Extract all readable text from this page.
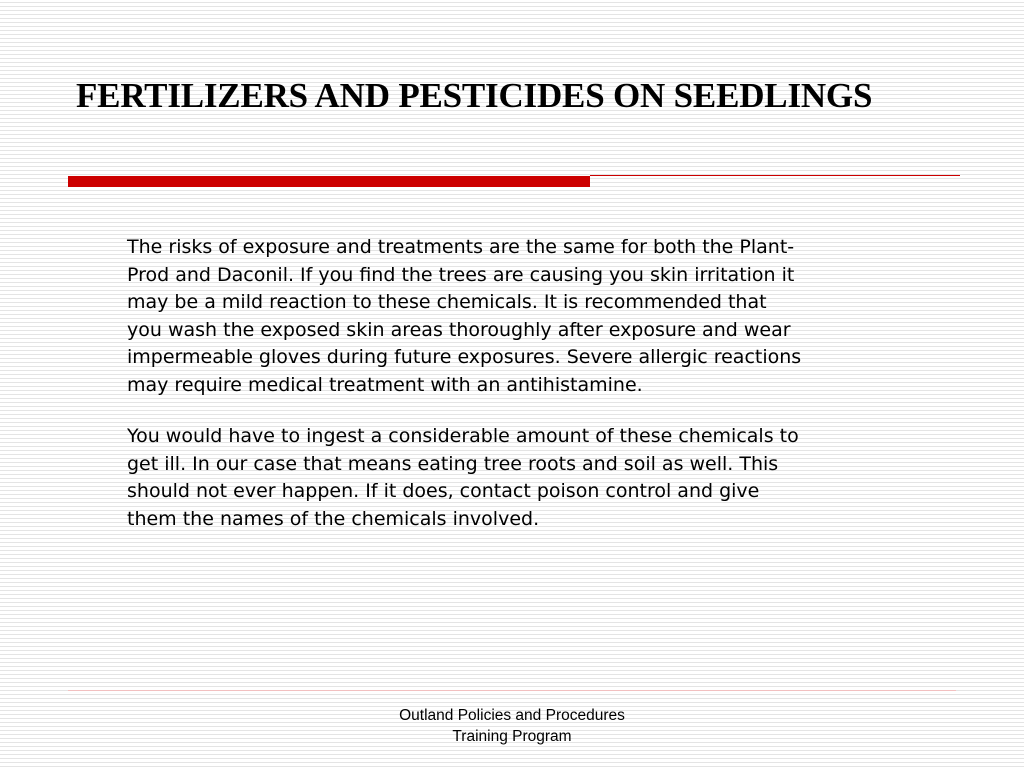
FERTILIZERS AND PESTICIDES ON SEEDLINGS

The risks of exposure and treatments are the same for both the Plant-
Prod and Daconil. If you find the trees are causing you skin irritation it
may be a mild reaction to these chemicals. It is recommended that
you wash the exposed skin areas thoroughly after exposure and wear
impermeable gloves during future exposures. Severe allergic reactions
may require medical treatment with an antihistamine.

You would have to ingest a considerable amount of these chemicals to
get ill. In our case that means eating tree roots and soil as well. This
should not ever happen. If it does, contact poison control and give
them the names of the chemicals involved.

Outland Policies and Procedures
Training Program
